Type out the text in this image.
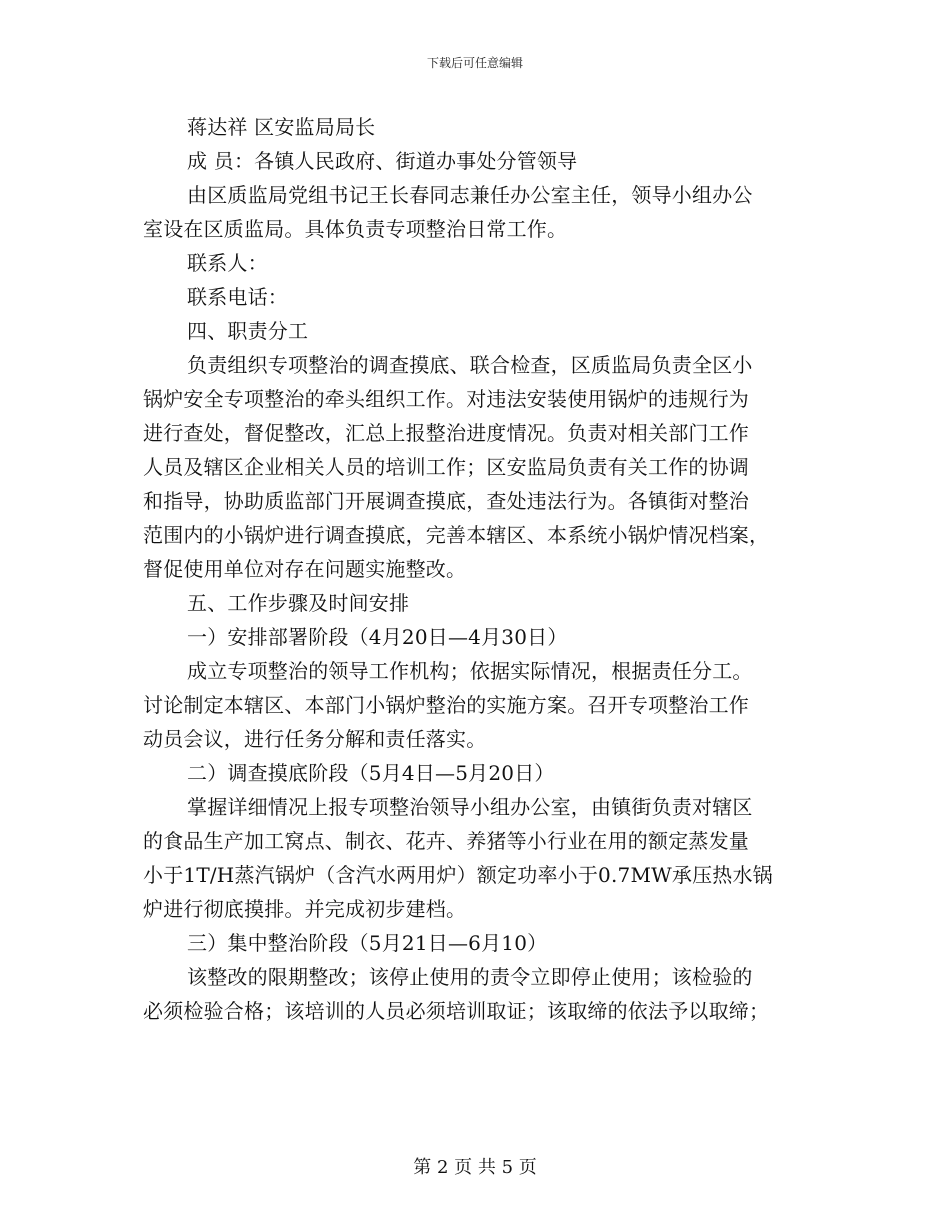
下载后可任意编辑

蒋达祥 区安监局局长

成 员：各镇人民政府、街道办事处分管领导

由区质监局党组书记王长春同志兼任办公室主任，领导小组办公

室设在区质监局。具体负责专项整治日常工作。

联系人：

联系电话：

四、职责分工

负责组织专项整治的调查摸底、联合检查，区质监局负责全区小

锅炉安全专项整治的牵头组织工作。对违法安装使用锅炉的违规行为

进行查处，督促整改，汇总上报整治进度情况。负责对相关部门工作

人员及辖区企业相关人员的培训工作；区安监局负责有关工作的协调

和指导，协助质监部门开展调查摸底，查处违法行为。各镇街对整治

范围内的小锅炉进行调查摸底，完善本辖区、本系统小锅炉情况档案，

督促使用单位对存在问题实施整改。

五、工作步骤及时间安排

一）安排部署阶段（4月20日—4月30日）

成立专项整治的领导工作机构；依据实际情况，根据责任分工。

讨论制定本辖区、本部门小锅炉整治的实施方案。召开专项整治工作

动员会议，进行任务分解和责任落实。

二）调查摸底阶段（5月4日—5月20日）

掌握详细情况上报专项整治领导小组办公室，由镇街负责对辖区

的食品生产加工窝点、制衣、花卉、养猪等小行业在用的额定蒸发量

小于1T/H蒸汽锅炉（含汽水两用炉）额定功率小于0.7MW承压热水锅

炉进行彻底摸排。并完成初步建档。

三）集中整治阶段（5月21日—6月10）

该整改的限期整改；该停止使用的责令立即停止使用；该检验的

必须检验合格；该培训的人员必须培训取证；该取缔的依法予以取缔；

第 2 页 共 5 页
